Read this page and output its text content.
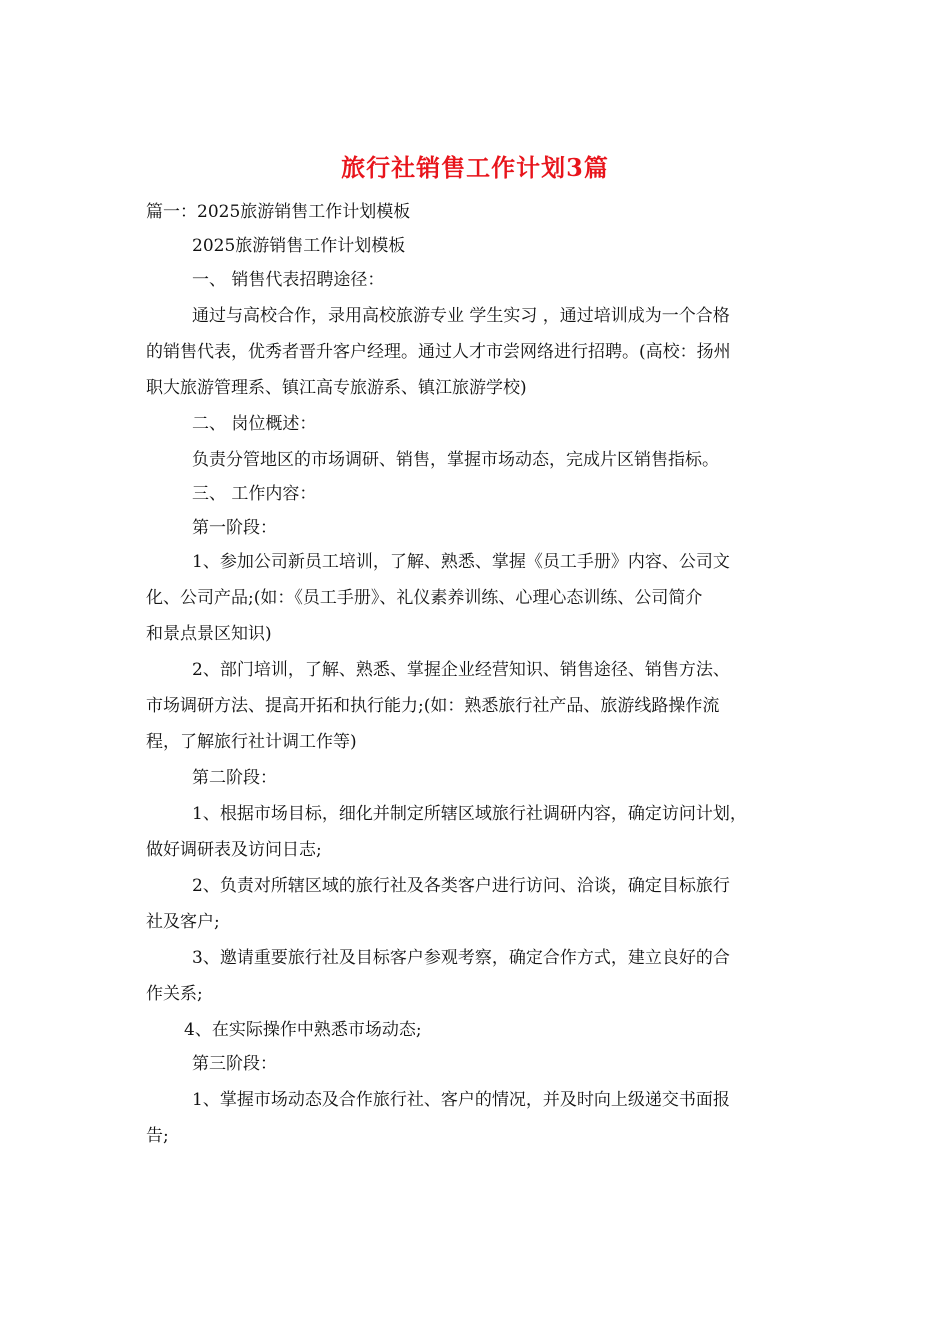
旅行社销售工作计划3篇
篇一：2025旅游销售工作计划模板
2025旅游销售工作计划模板
一、 销售代表招聘途径：
通过与高校合作，录用高校旅游专业 学生实习 ，通过培训成为一个合格
的销售代表，优秀者晋升客户经理。通过人才市尝网络进行招聘。(高校：扬州
职大旅游管理系、镇江高专旅游系、镇江旅游学校)
二、 岗位概述：
负责分管地区的市场调研、销售，掌握市场动态，完成片区销售指标。
三、 工作内容：
第一阶段：
1、参加公司新员工培训，了解、熟悉、掌握《员工手册》内容、公司文
化、公司产品;(如：《员工手册》、礼仪素养训练、心理心态训练、公司简介
和景点景区知识)
2、部门培训，了解、熟悉、掌握企业经营知识、销售途径、销售方法、
市场调研方法、提高开拓和执行能力;(如：熟悉旅行社产品、旅游线路操作流
程，了解旅行社计调工作等)
第二阶段：
1、根据市场目标，细化并制定所辖区域旅行社调研内容，确定访问计划，
做好调研表及访问日志;
2、负责对所辖区域的旅行社及各类客户进行访问、洽谈，确定目标旅行
社及客户;
3、邀请重要旅行社及目标客户参观考察，确定合作方式，建立良好的合
作关系;
4、在实际操作中熟悉市场动态;
第三阶段：
1、掌握市场动态及合作旅行社、客户的情况，并及时向上级递交书面报
告;
